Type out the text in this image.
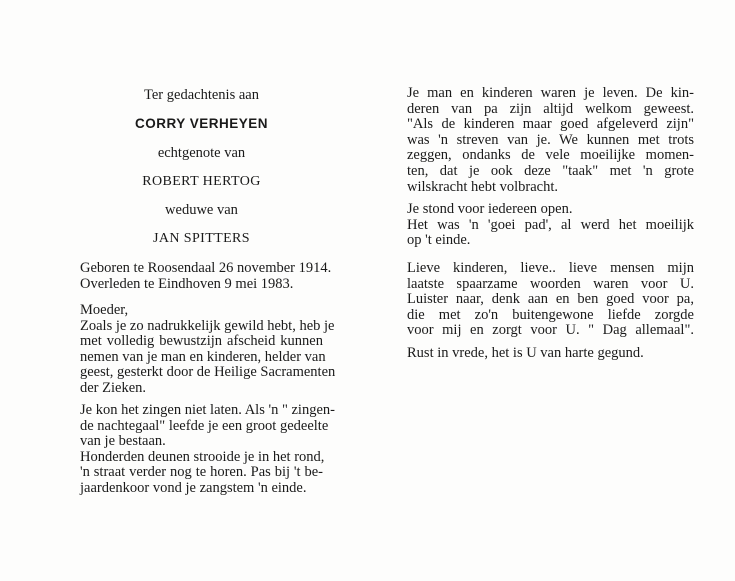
Ter gedachtenis aan
CORRY VERHEYEN
echtgenote van
ROBERT HERTOG
weduwe van
JAN SPITTERS
Geboren te Roosendaal 26 november 1914.
Overleden te Eindhoven 9 mei 1983.
Moeder,
Zoals je zo nadrukkelijk gewild hebt, heb je
met volledig bewustzijn afscheid kunnen
nemen van je man en kinderen, helder van
geest, gesterkt door de Heilige Sacramenten
der Zieken.
Je kon het zingen niet laten. Als 'n " zingen-
de nachtegaal" leefde je een groot gedeelte
van je bestaan.
Honderden deunen strooide je in het rond,
'n straat verder nog te horen. Pas bij 't be-
jaardenkoor vond je zangstem 'n einde.
Je man en kinderen waren je leven. De kin-
deren van pa zijn altijd welkom geweest.
"Als de kinderen maar goed afgeleverd zijn"
was 'n streven van je. We kunnen met trots
zeggen, ondanks de vele moeilijke momen-
ten, dat je ook deze "taak" met 'n grote
wilskracht hebt volbracht.
Je stond voor iedereen open.
Het was 'n 'goei pad', al werd het moeilijk
op 't einde.
Lieve kinderen, lieve.. lieve mensen mijn
laatste spaarzame woorden waren voor U.
Luister naar, denk aan en ben goed voor pa,
die met zo'n buitengewone liefde zorgde
voor mij en zorgt voor U. " Dag allemaal".
Rust in vrede, het is U van harte gegund.
